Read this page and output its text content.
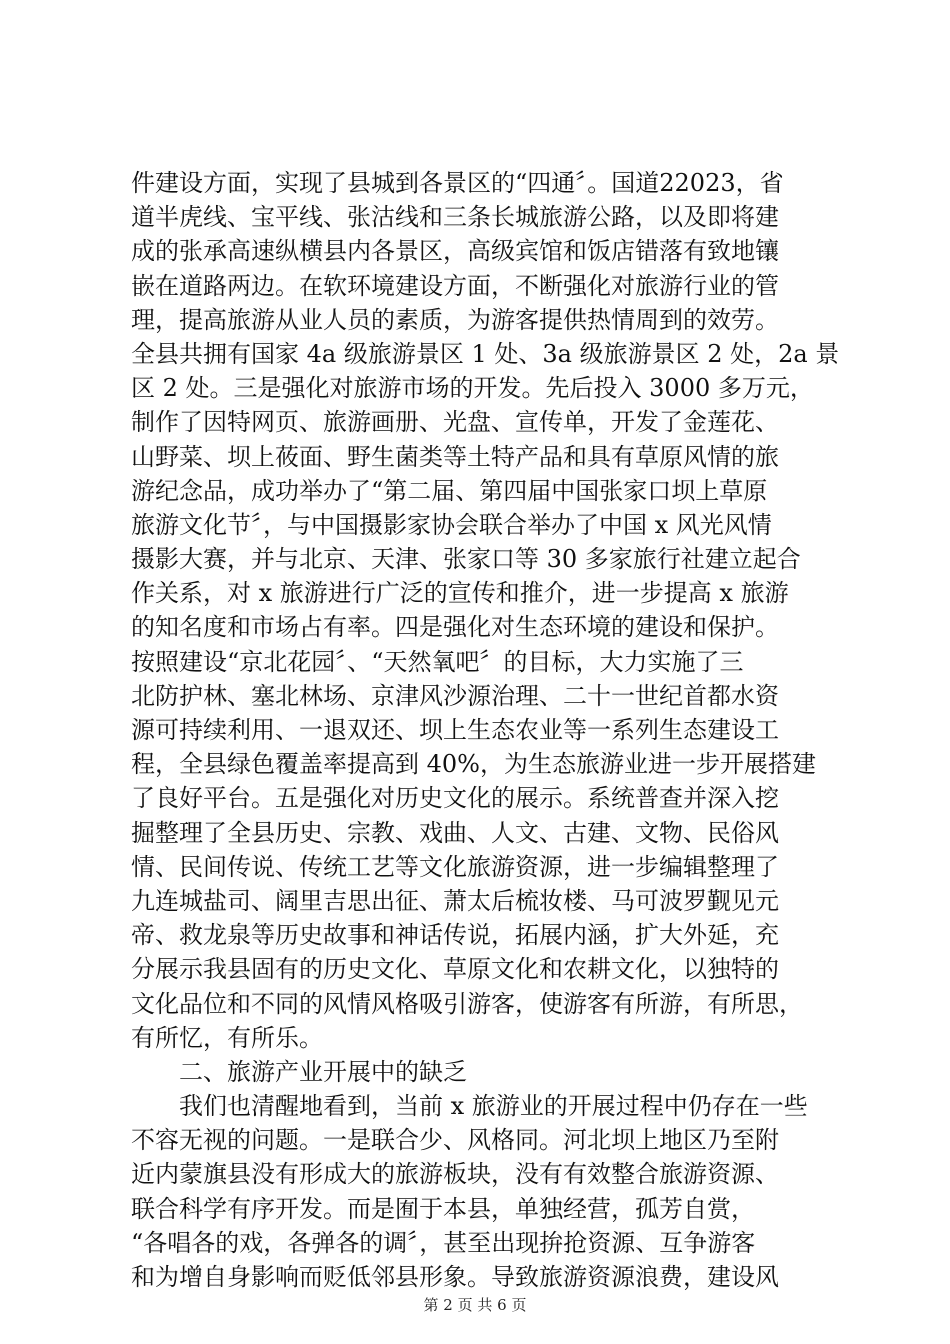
件建设方面，实现了县城到各景区的“四通〞。国道22023，省
道半虎线、宝平线、张沽线和三条长城旅游公路，以及即将建
成的张承高速纵横县内各景区，高级宾馆和饭店错落有致地镶
嵌在道路两边。在软环境建设方面，不断强化对旅游行业的管
理，提高旅游从业人员的素质，为游客提供热情周到的效劳。
全县共拥有国家 4a 级旅游景区 1 处、3a 级旅游景区 2 处，2a 景
区 2 处。三是强化对旅游市场的开发。先后投入 3000 多万元，
制作了因特网页、旅游画册、光盘、宣传单，开发了金莲花、
山野菜、坝上莜面、野生菌类等土特产品和具有草原风情的旅
游纪念品，成功举办了“第二届、第四届中国张家口坝上草原
旅游文化节〞，与中国摄影家协会联合举办了中国 x 风光风情
摄影大赛，并与北京、天津、张家口等 30 多家旅行社建立起合
作关系，对 x 旅游进行广泛的宣传和推介，进一步提高 x 旅游
的知名度和市场占有率。四是强化对生态环境的建设和保护。
按照建设“京北花园〞、“天然氧吧〞的目标，大力实施了三
北防护林、塞北林场、京津风沙源治理、二十一世纪首都水资
源可持续利用、一退双还、坝上生态农业等一系列生态建设工
程，全县绿色覆盖率提高到 40%，为生态旅游业进一步开展搭建
了良好平台。五是强化对历史文化的展示。系统普查并深入挖
掘整理了全县历史、宗教、戏曲、人文、古建、文物、民俗风
情、民间传说、传统工艺等文化旅游资源，进一步编辑整理了
九连城盐司、阔里吉思出征、萧太后梳妆楼、马可波罗觐见元
帝、救龙泉等历史故事和神话传说，拓展内涵，扩大外延，充
分展示我县固有的历史文化、草原文化和农耕文化，以独特的
文化品位和不同的风情风格吸引游客，使游客有所游，有所思，
有所忆，有所乐。
　　二、旅游产业开展中的缺乏
　　我们也清醒地看到，当前 x 旅游业的开展过程中仍存在一些
不容无视的问题。一是联合少、风格同。河北坝上地区乃至附
近内蒙旗县没有形成大的旅游板块，没有有效整合旅游资源、
联合科学有序开发。而是囿于本县，单独经营，孤芳自赏，
“各唱各的戏，各弹各的调〞，甚至出现拚抢资源、互争游客
和为增自身影响而贬低邻县形象。导致旅游资源浪费，建设风
第 2 页 共 6 页
